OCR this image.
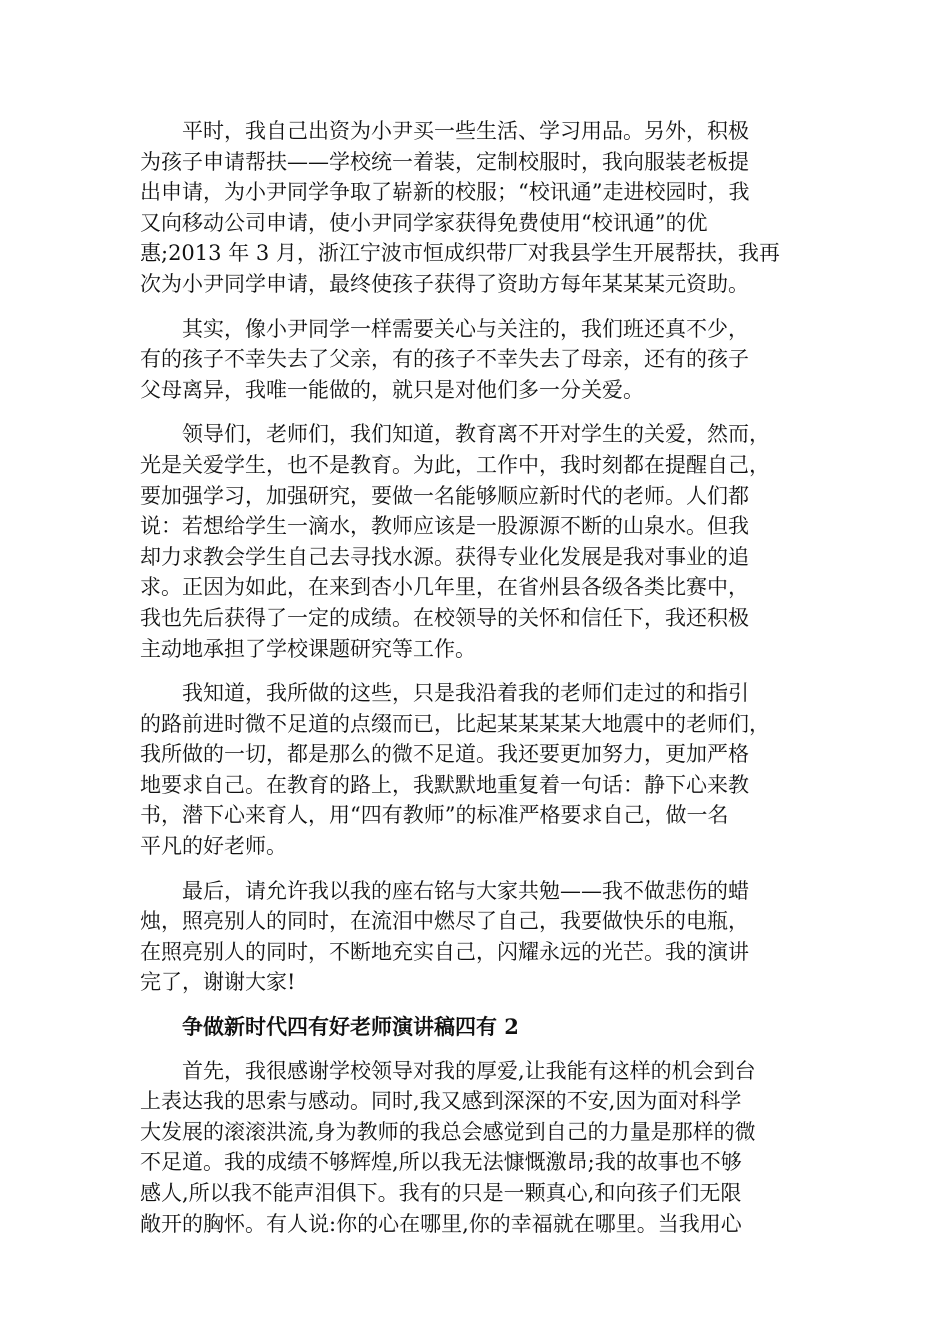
　　平时，我自己出资为小尹买一些生活、学习用品。另外，积极
为孩子申请帮扶——学校统一着装，定制校服时，我向服装老板提
出申请，为小尹同学争取了崭新的校服；“校讯通”走进校园时，我
又向移动公司申请，使小尹同学家获得免费使用“校讯通”的优
惠;2013 年 3 月，浙江宁波市恒成织带厂对我县学生开展帮扶，我再
次为小尹同学申请，最终使孩子获得了资助方每年某某某元资助。
　　其实，像小尹同学一样需要关心与关注的，我们班还真不少，
有的孩子不幸失去了父亲，有的孩子不幸失去了母亲，还有的孩子
父母离异，我唯一能做的，就只是对他们多一分关爱。
　　领导们，老师们，我们知道，教育离不开对学生的关爱，然而，
光是关爱学生，也不是教育。为此，工作中，我时刻都在提醒自己，
要加强学习，加强研究，要做一名能够顺应新时代的老师。人们都
说：若想给学生一滴水，教师应该是一股源源不断的山泉水。但我
却力求教会学生自己去寻找水源。获得专业化发展是我对事业的追
求。正因为如此，在来到杏小几年里，在省州县各级各类比赛中，
我也先后获得了一定的成绩。在校领导的关怀和信任下，我还积极
主动地承担了学校课题研究等工作。
　　我知道，我所做的这些，只是我沿着我的老师们走过的和指引
的路前进时微不足道的点缀而已，比起某某某某大地震中的老师们，
我所做的一切，都是那么的微不足道。我还要更加努力，更加严格
地要求自己。在教育的路上，我默默地重复着一句话：静下心来教
书，潜下心来育人，用“四有教师”的标准严格要求自己，做一名
平凡的好老师。
　　最后，请允许我以我的座右铭与大家共勉——我不做悲伤的蜡
烛，照亮别人的同时，在流泪中燃尽了自己，我要做快乐的电瓶，
在照亮别人的同时，不断地充实自己，闪耀永远的光芒。我的演讲
完了，谢谢大家!
争做新时代四有好老师演讲稿四有 2
　　首先，我很感谢学校领导对我的厚爱,让我能有这样的机会到台
上表达我的思索与感动。同时,我又感到深深的不安,因为面对科学
大发展的滚滚洪流,身为教师的我总会感觉到自己的力量是那样的微
不足道。我的成绩不够辉煌,所以我无法慷慨激昂;我的故事也不够
感人,所以我不能声泪俱下。我有的只是一颗真心,和向孩子们无限
敞开的胸怀。有人说:你的心在哪里,你的幸福就在哪里。当我用心
